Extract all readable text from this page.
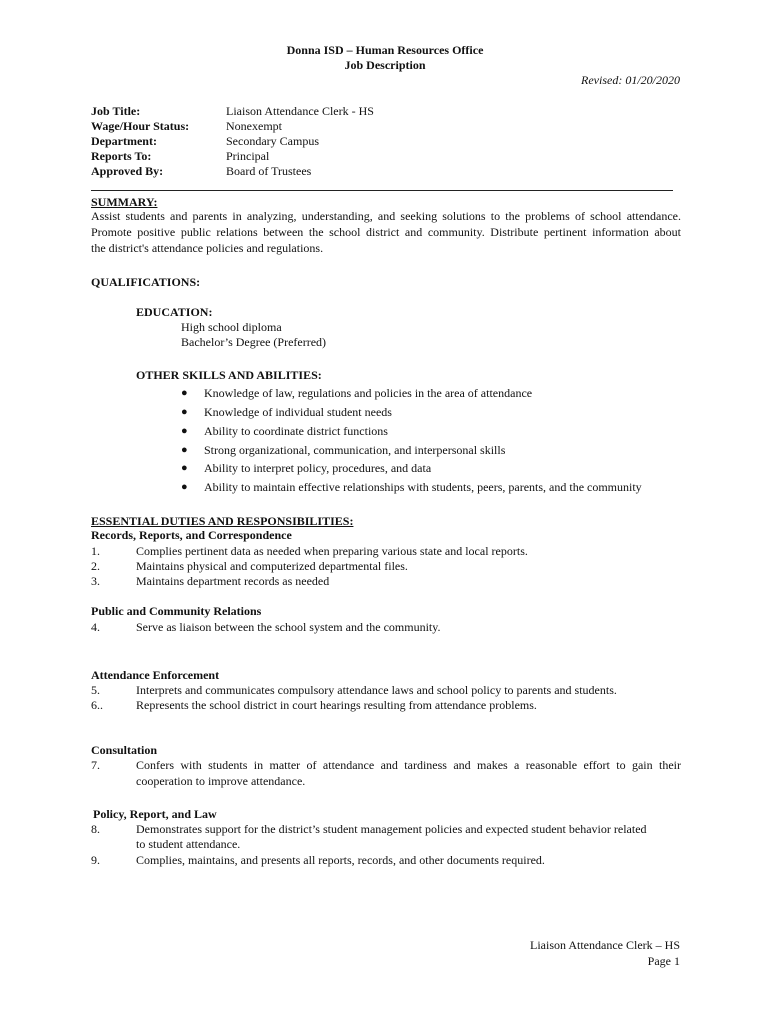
Donna ISD – Human Resources Office
Job Description
Revised: 01/20/2020
Job Title:	Liaison Attendance Clerk - HS
Wage/Hour Status:	Nonexempt
Department:	Secondary Campus
Reports To:	Principal
Approved By:	Board of Trustees
SUMMARY:
Assist students and parents in analyzing, understanding, and seeking solutions to the problems of school attendance.
Promote positive public relations between the school district and community. Distribute pertinent information about
the district's attendance policies and regulations.
QUALIFICATIONS:
EDUCATION:
High school diploma
Bachelor’s Degree (Preferred)
OTHER SKILLS AND ABILITIES:
●	Knowledge of law, regulations and policies in the area of attendance
●	Knowledge of individual student needs
●	Ability to coordinate district functions
●	Strong organizational, communication, and interpersonal skills
●	Ability to interpret policy, procedures, and data
●	Ability to maintain effective relationships with students, peers, parents, and the community
ESSENTIAL DUTIES AND RESPONSIBILITIES:
Records, Reports, and Correspondence
1.	Complies pertinent data as needed when preparing various state and local reports.
2.	Maintains physical and computerized departmental files.
3.	Maintains department records as needed
Public and Community Relations
4.	Serve as liaison between the school system and the community.
Attendance Enforcement
5.	Interprets and communicates compulsory attendance laws and school policy to parents and students.
6..	Represents the school district in court hearings resulting from attendance problems.
Consultation
7.	Confers with students in matter of attendance and tardiness and makes a reasonable effort to gain their
cooperation to improve attendance.
Policy, Report, and Law
8.	Demonstrates support for the district’s student management policies and expected student behavior related
to student attendance.
9.	Complies, maintains, and presents all reports, records, and other documents required.
Liaison Attendance Clerk – HS
Page 1
